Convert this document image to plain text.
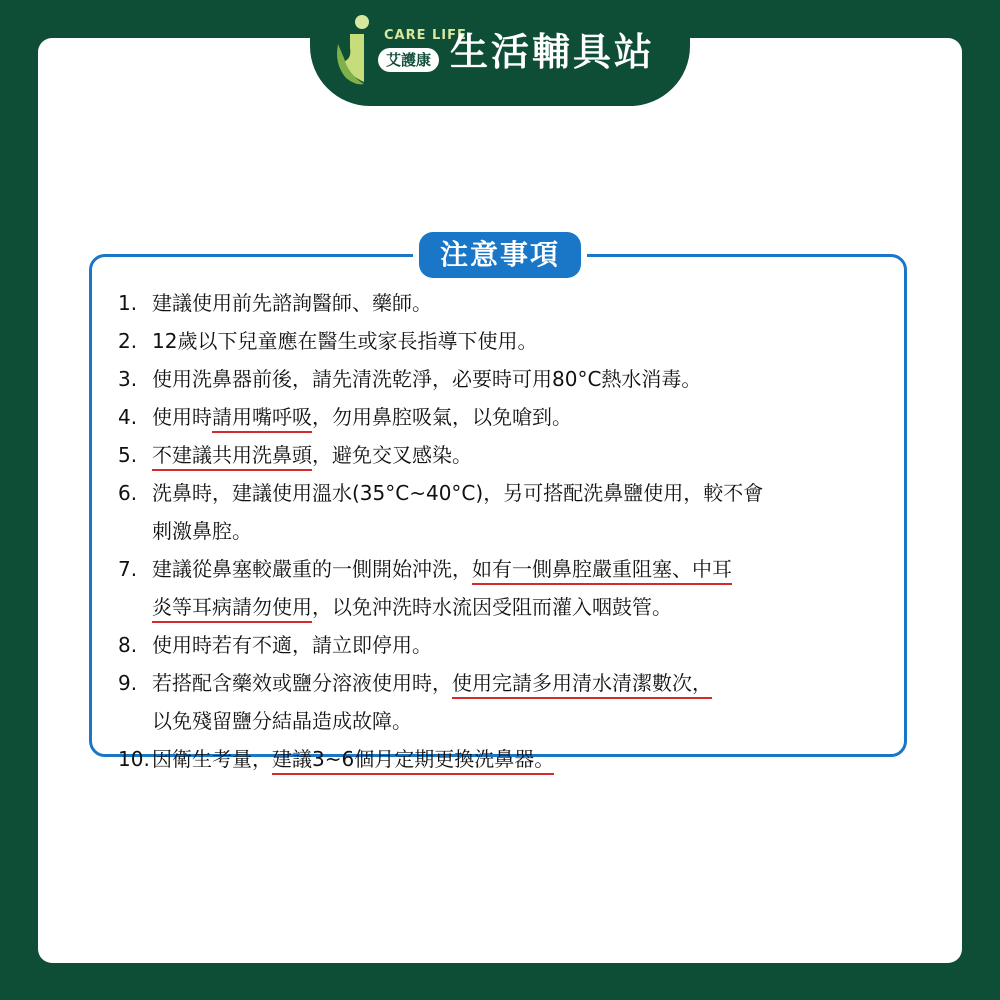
CARE LIFE
艾護康 生活輔具站
注意事項
1. 建議使用前先諮詢醫師、藥師。
2. 12歲以下兒童應在醫生或家長指導下使用。
3. 使用洗鼻器前後，請先清洗乾淨，必要時可用80°C熱水消毒。
4. 使用時請用嘴呼吸，勿用鼻腔吸氣，以免嗆到。
5. 不建議共用洗鼻頭，避免交叉感染。
6. 洗鼻時，建議使用溫水(35°C~40°C)，另可搭配洗鼻鹽使用，較不會
刺激鼻腔。
7. 建議從鼻塞較嚴重的一側開始沖洗，如有一側鼻腔嚴重阻塞、中耳
炎等耳病請勿使用，以免沖洗時水流因受阻而灌入咽鼓管。
8. 使用時若有不適，請立即停用。
9. 若搭配含藥效或鹽分溶液使用時，使用完請多用清水清潔數次，
以免殘留鹽分結晶造成故障。
10. 因衛生考量，建議3~6個月定期更換洗鼻器。
